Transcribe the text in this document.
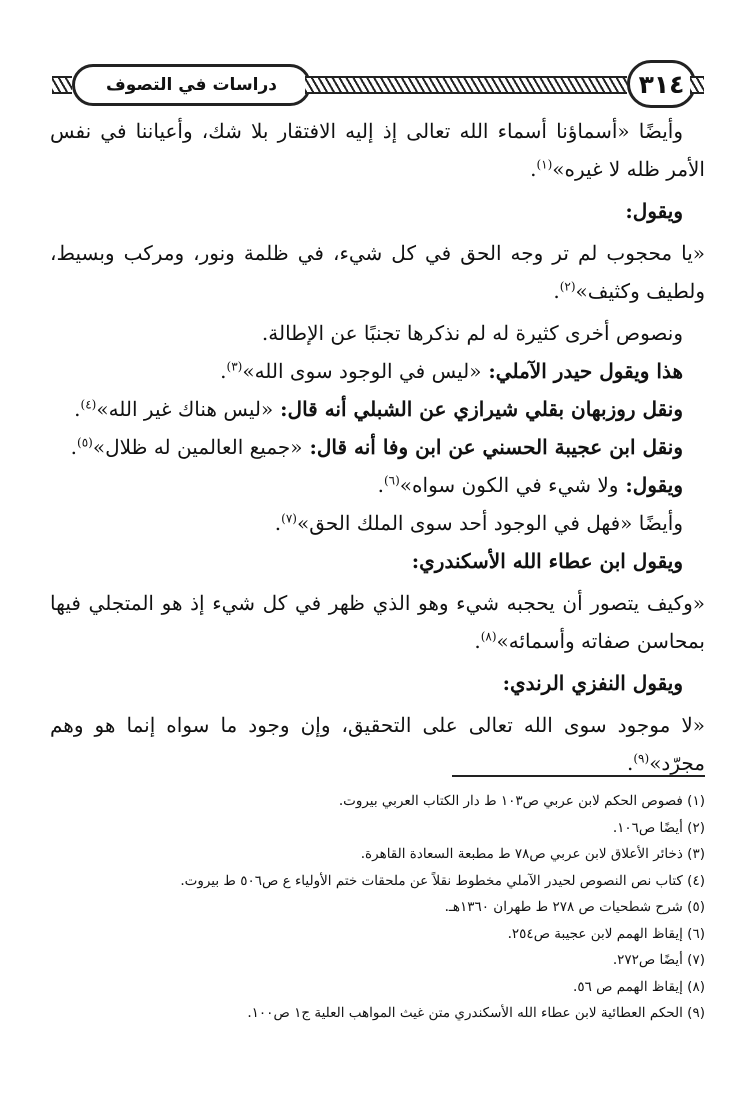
دراسات في التصوف	٣١٤

وأيضًا «أسماؤنا أسماء الله تعالى إذ إليه الافتقار بلا شك، وأعياننا في نفس الأمر ظله لا غيره»$^{(١)}$.

ويقول:

«يا محجوب لم تر وجه الحق في كل شيء، في ظلمة ونور، ومركب وبسيط، ولطيف وكثيف»$^{(٢)}$.

ونصوص أخرى كثيرة له لم نذكرها تجنبًا عن الإطالة.

هذا ويقول حيدر الآملي: «ليس في الوجود سوى الله»$^{(٣)}$.

ونقل روزبهان بقلي شيرازي عن الشبلي أنه قال: «ليس هناك غير الله»$^{(٤)}$.

ونقل ابن عجيبة الحسني عن ابن وفا أنه قال: «جميع العالمين له ظلال»$^{(٥)}$.

ويقول: ولا شيء في الكون سواه»$^{(٦)}$.

وأيضًا «فهل في الوجود أحد سوى الملك الحق»$^{(٧)}$.

ويقول ابن عطاء الله الأسكندري:

«وكيف يتصور أن يحجبه شيء وهو الذي ظهر في كل شيء إذ هو المتجلي فيها بمحاسن صفاته وأسمائه»$^{(٨)}$.

ويقول النفزي الرندي:

«لا موجود سوى الله تعالى على التحقيق، وإن وجود ما سواه إنما هو وهم مجرّد»$^{(٩)}$.

(١) فصوص الحكم لابن عربي ص١٠٣ ط دار الكتاب العربي بيروت.

(٢) أيضًا ص١٠٦.

(٣) ذخائر الأعلاق لابن عربي ص٧٨ ط مطبعة السعادة القاهرة.

(٤) كتاب نص النصوص لحيدر الآملي مخطوط نقلاً عن ملحقات ختم الأولياء ع ص٥٠٦ ط بيروت.

(٥) شرح شطحيات ص ٢٧٨ ط طهران ١٣٦٠هـ.

(٦) إيقاظ الهمم لابن عجيبة ص٢٥٤.

(٧) أيضًا ص٢٧٢.

(٨) إيقاظ الهمم ص ٥٦.

(٩) الحكم العطائية لابن عطاء الله الأسكندري متن غيث المواهب العلية ج١ ص١٠٠.
